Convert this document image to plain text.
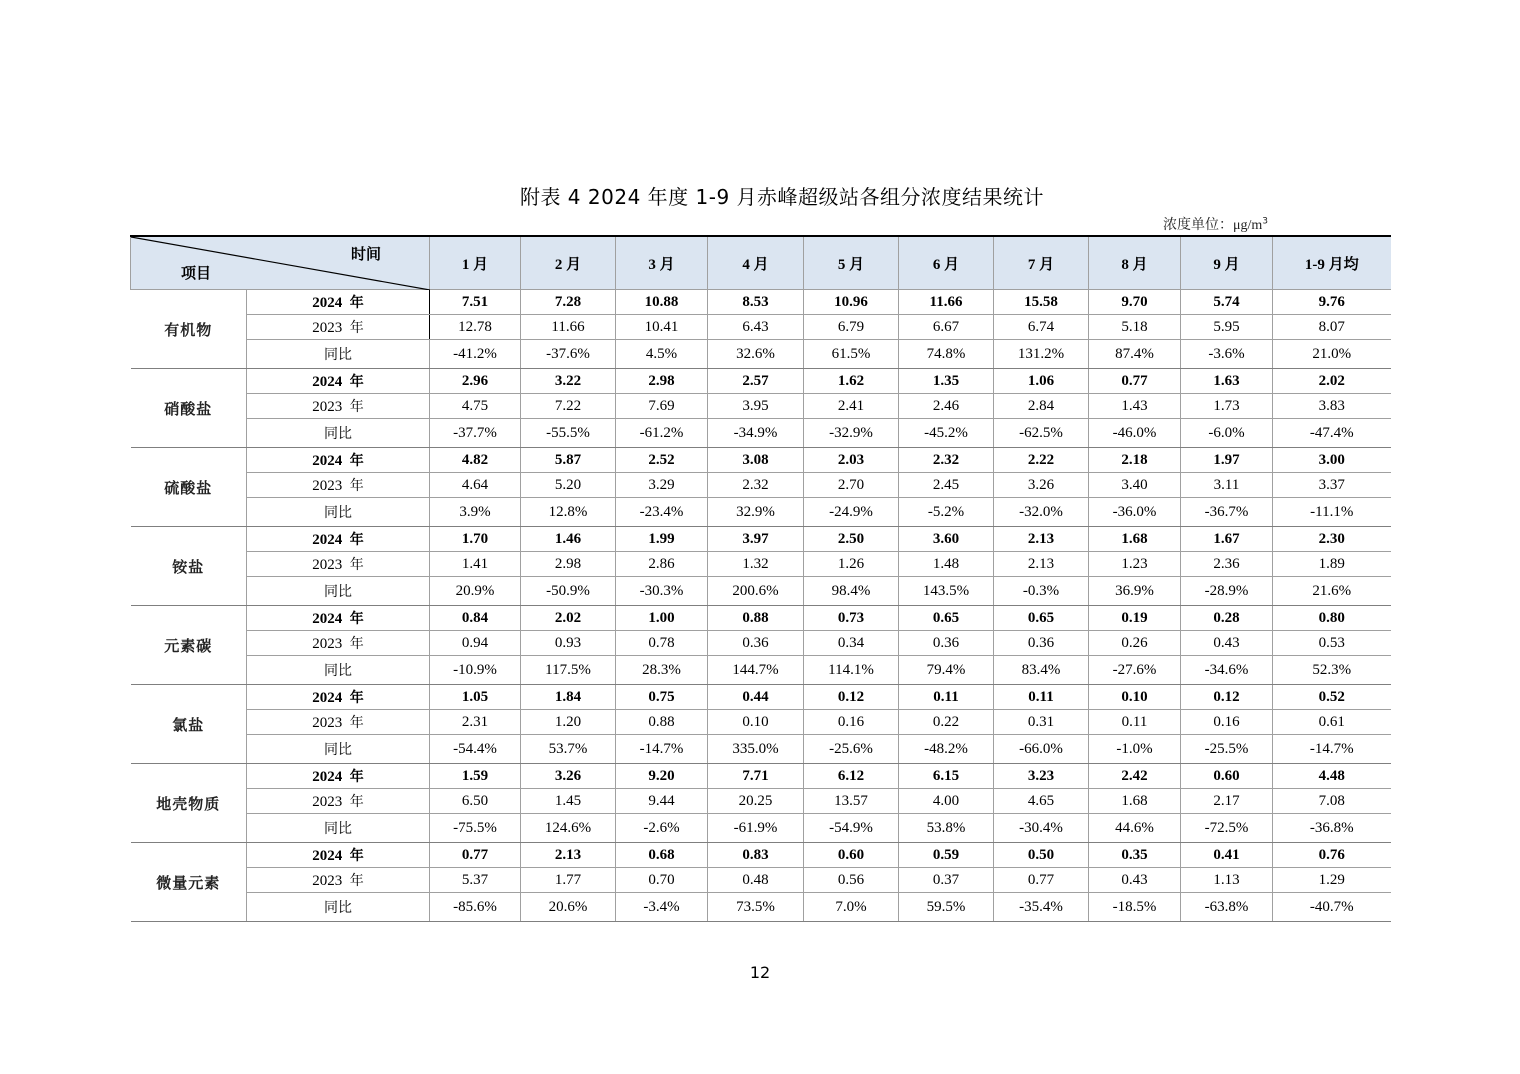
附表 4 2024 年度 1-9 月赤峰超级站各组分浓度结果统计
浓度单位：$\mu g/m^3$
时间
项目		1 月	2 月	3 月	4 月	5 月	6 月	7 月	8 月	9 月	1-9 月均
有机物	2024 年	7.51	7.28	10.88	8.53	10.96	11.66	15.58	9.70	5.74	9.76
	2023 年	12.78	11.66	10.41	6.43	6.79	6.67	6.74	5.18	5.95	8.07
	同比	-41.2%	-37.6%	4.5%	32.6%	61.5%	74.8%	131.2%	87.4%	-3.6%	21.0%
硝酸盐	2024 年	2.96	3.22	2.98	2.57	1.62	1.35	1.06	0.77	1.63	2.02
	2023 年	4.75	7.22	7.69	3.95	2.41	2.46	2.84	1.43	1.73	3.83
	同比	-37.7%	-55.5%	-61.2%	-34.9%	-32.9%	-45.2%	-62.5%	-46.0%	-6.0%	-47.4%
硫酸盐	2024 年	4.82	5.87	2.52	3.08	2.03	2.32	2.22	2.18	1.97	3.00
	2023 年	4.64	5.20	3.29	2.32	2.70	2.45	3.26	3.40	3.11	3.37
	同比	3.9%	12.8%	-23.4%	32.9%	-24.9%	-5.2%	-32.0%	-36.0%	-36.7%	-11.1%
铵盐	2024 年	1.70	1.46	1.99	3.97	2.50	3.60	2.13	1.68	1.67	2.30
	2023 年	1.41	2.98	2.86	1.32	1.26	1.48	2.13	1.23	2.36	1.89
	同比	20.9%	-50.9%	-30.3%	200.6%	98.4%	143.5%	-0.3%	36.9%	-28.9%	21.6%
元素碳	2024 年	0.84	2.02	1.00	0.88	0.73	0.65	0.65	0.19	0.28	0.80
	2023 年	0.94	0.93	0.78	0.36	0.34	0.36	0.36	0.26	0.43	0.53
	同比	-10.9%	117.5%	28.3%	144.7%	114.1%	79.4%	83.4%	-27.6%	-34.6%	52.3%
氯盐	2024 年	1.05	1.84	0.75	0.44	0.12	0.11	0.11	0.10	0.12	0.52
	2023 年	2.31	1.20	0.88	0.10	0.16	0.22	0.31	0.11	0.16	0.61
	同比	-54.4%	53.7%	-14.7%	335.0%	-25.6%	-48.2%	-66.0%	-1.0%	-25.5%	-14.7%
地壳物质	2024 年	1.59	3.26	9.20	7.71	6.12	6.15	3.23	2.42	0.60	4.48
	2023 年	6.50	1.45	9.44	20.25	13.57	4.00	4.65	1.68	2.17	7.08
	同比	-75.5%	124.6%	-2.6%	-61.9%	-54.9%	53.8%	-30.4%	44.6%	-72.5%	-36.8%
微量元素	2024 年	0.77	2.13	0.68	0.83	0.60	0.59	0.50	0.35	0.41	0.76
	2023 年	5.37	1.77	0.70	0.48	0.56	0.37	0.77	0.43	1.13	1.29
	同比	-85.6%	20.6%	-3.4%	73.5%	7.0%	59.5%	-35.4%	-18.5%	-63.8%	-40.7%
12
